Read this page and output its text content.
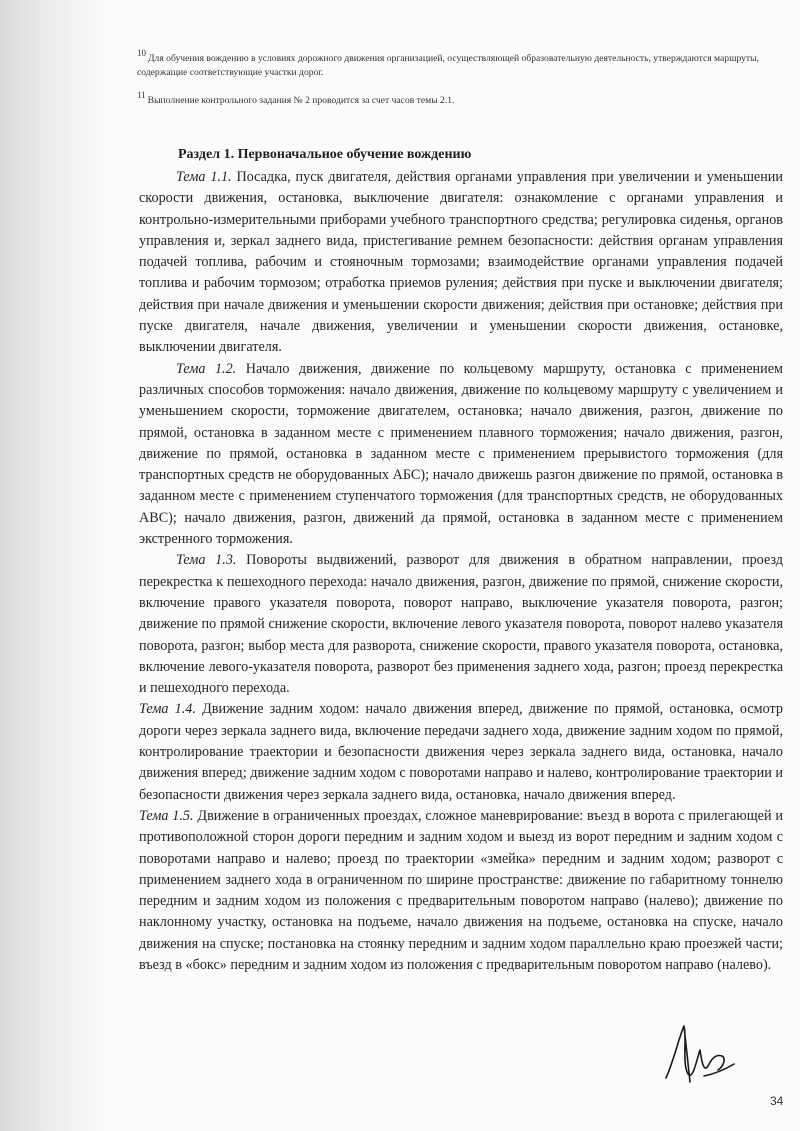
$^{10}$ Для обучения вождению в условиях дорожного движения организацией, осуществляющей образовательную деятельность, утверждаются маршруты, содержащие соответствующие участки дорог.

$^{11}$ Выполнение контрольного задания № 2 проводится за счет часов темы 2.1.

Раздел 1. Первоначальное обучение вождению

Тема 1.1. Посадка, пуск двигателя, действия органами управления при увеличении и уменьшении скорости движения, остановка, выключение двигателя: ознакомление с органами управления и контрольно-измерительными приборами учебного транспортного средства; регулировка сиденья, органов управления и, зеркал заднего вида, пристегивание ремнем безопасности: действия органам управления подачей топлива, рабочим и стояночным тормозами; взаимодействие органами управления подачей топлива и рабочим тормозом; отработка приемов руления; действия при пуске и выключении двигателя; действия при начале движения и уменьшении скорости движения; действия при остановке; действия при пуске двигателя, начале движения, увеличении и уменьшении скорости движения, остановке, выключении двигателя.

Тема 1.2. Начало движения, движение по кольцевому маршруту, остановка с применением различных способов торможения: начало движения, движение по кольцевому маршруту с увеличением и уменьшением скорости, торможение двигателем, остановка; начало движения, разгон, движение по прямой, остановка в заданном месте с применением плавного торможения; начало движения, разгон, движение по прямой, остановка в заданном месте с применением прерывистого торможения (для транспортных средств не оборудованных АБС); начало движешь разгон движение по прямой, остановка в заданном месте с применением ступенчатого торможения (для транспортных средств, не оборудованных АВС); начало движения, разгон, движений да прямой, остановка в заданном месте с применением экстренного торможения.

Тема 1.3. Повороты выдвижений, разворот для движения в обратном направлении, проезд перекрестка к пешеходного перехода: начало движения, разгон, движение по прямой, снижение скорости, включение правого указателя поворота, поворот направо, выключение указателя поворота, разгон; движение по прямой снижение скорости, включение левого указателя поворота, поворот налево указателя поворота, разгон; выбор места для разворота, снижение скорости, правого указателя поворота, остановка, включение левого-указателя поворота, разворот без применения заднего хода, разгон; проезд перекрестка и пешеходного перехода.

Тема 1.4. Движение задним ходом: начало движения вперед, движение по прямой, остановка, осмотр дороги через зеркала заднего вида, включение передачи заднего хода, движение задним ходом по прямой, контролирование траектории и безопасности движения через зеркала заднего вида, остановка, начало движения вперед; движение задним ходом с поворотами направо и налево, контролирование траектории и безопасности движения через зеркала заднего вида, остановка, начало движения вперед.

Тема 1.5. Движение в ограниченных проездах, сложное маневрирование: въезд в ворота с прилегающей и противоположной сторон дороги передним и задним ходом и выезд из ворот передним и задним ходом с поворотами направо и налево; проезд по траектории «змейка» передним и задним ходом; разворот с применением заднего хода в ограниченном по ширине пространстве: движение по габаритному тоннелю передним и задним ходом из положения с предварительным поворотом направо (налево); движение по наклонному участку, остановка на подъеме, начало движения на подъеме, остановка на спуске, начало движения на спуске; постановка на стоянку передним и задним ходом параллельно краю проезжей части; въезд в «бокс» передним и задним ходом из положения с предварительным поворотом направо (налево).

34
